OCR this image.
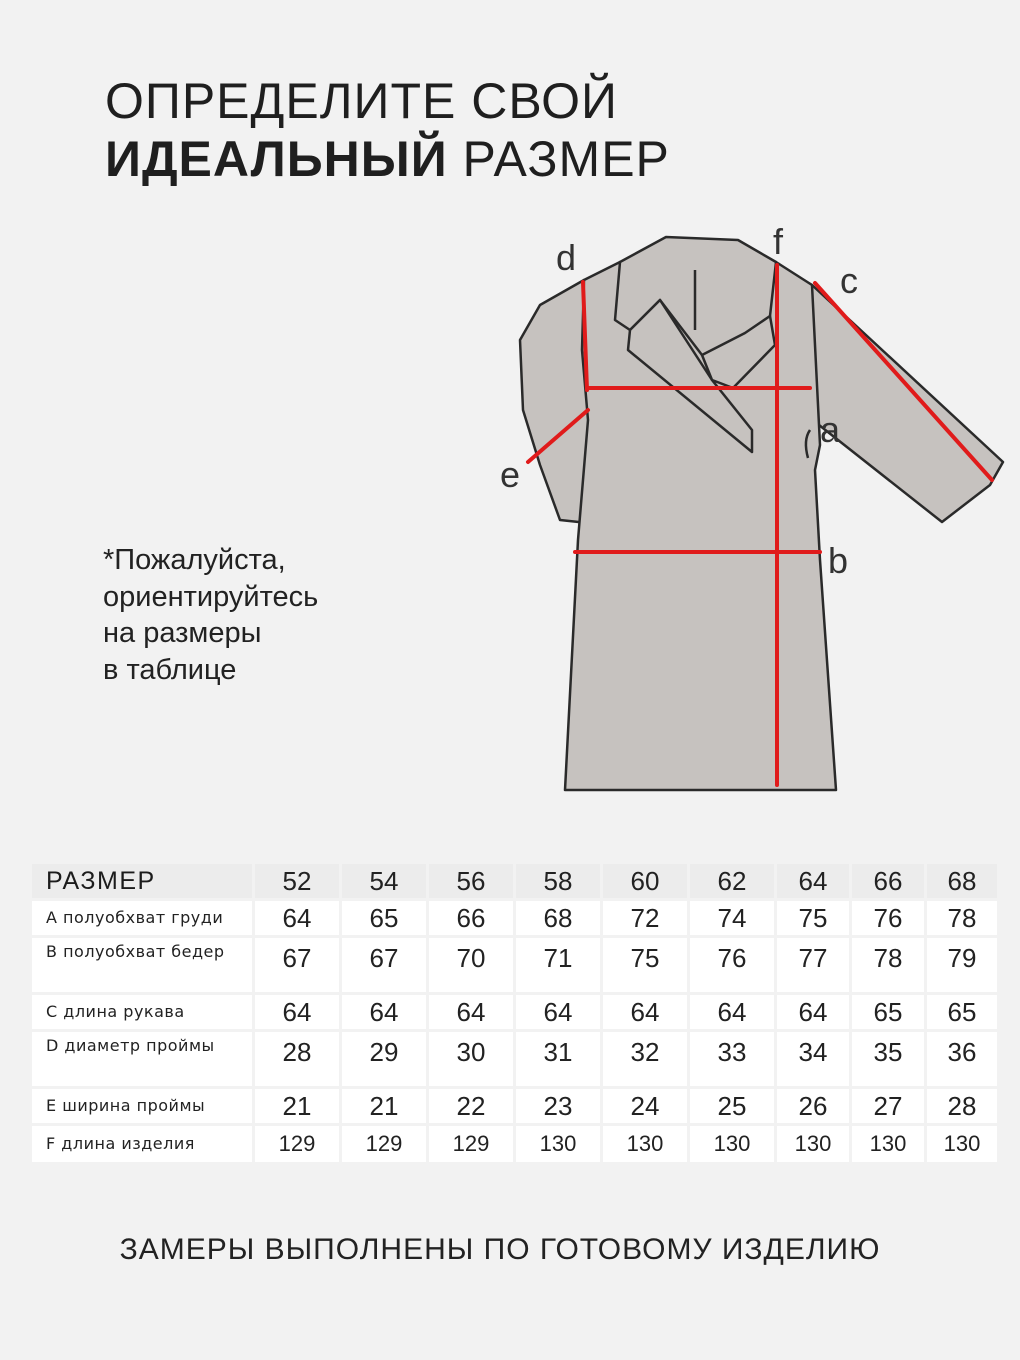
ОПРЕДЕЛИТЕ СВОЙ
ИДЕАЛЬНЫЙ РАЗМЕР
*Пожалуйста,
ориентируйтесь
на размеры
в таблице
d	f
c
a
e
b
РАЗМЕР	52	54	56	58	60	62	64	66	68
A полуобхват груди	64	65	66	68	72	74	75	76	78
B полуобхват бедер	67	67	70	71	75	76	77	78	79
C длина рукава	64	64	64	64	64	64	64	65	65
D диаметр проймы	28	29	30	31	32	33	34	35	36
E ширина проймы	21	21	22	23	24	25	26	27	28
F длина изделия	129	129	129	130	130	130	130	130	130
ЗАМЕРЫ ВЫПОЛНЕНЫ ПО ГОТОВОМУ ИЗДЕЛИЮ
